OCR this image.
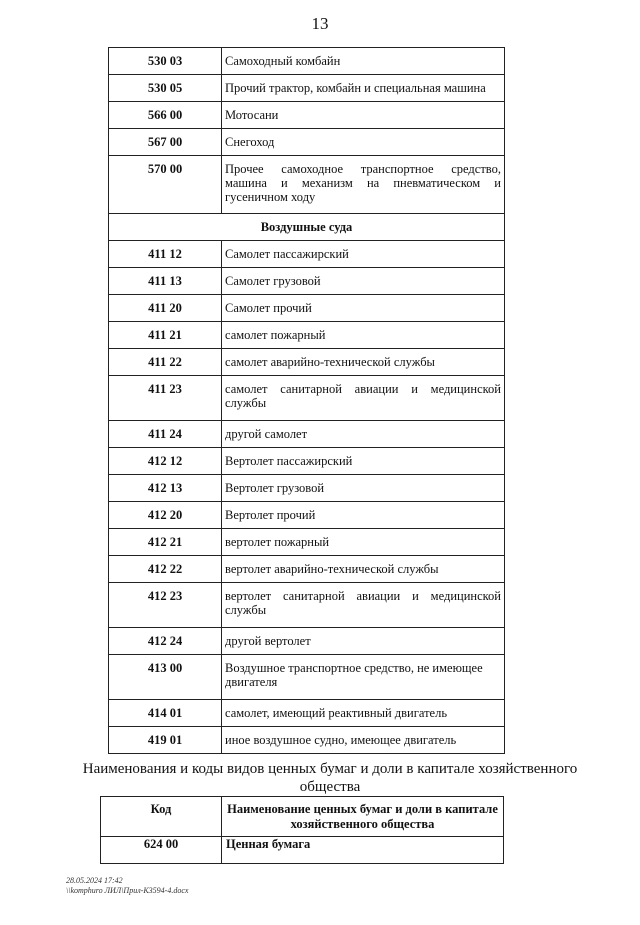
13
530 03	Самоходный комбайн

530 05	Прочий трактор, комбайн и специальная машина

566 00	Мотосани

567 00	Снегоход

570 00	Прочее самоходное транспортное средство, машина и механизм на пневматическом и гусеничном ходу

Воздушные суда	

411 12	Самолет пассажирский

411 13	Самолет грузовой

411 20	Самолет прочий

411 21	самолет пожарный

411 22	самолет аварийно-технической службы

411 23	самолет санитарной авиации и медицинской службы

411 24	другой самолет

412 12	Вертолет пассажирский

412 13	Вертолет грузовой

412 20	Вертолет прочий

412 21	вертолет пожарный

412 22	вертолет аварийно-технической службы

412 23	вертолет санитарной авиации и медицинской службы

412 24	другой вертолет

413 00	Воздушное транспортное средство, не имеющее двигателя

414 01	самолет, имеющий реактивный двигатель

419 01	иное воздушное судно, имеющее двигатель
Наименования и коды видов ценных бумаг и доли в капитале хозяйственного общества
Код	Наименование ценных бумаг и доли в капитале хозяйственного общества
624 00	Ценная бумага
28.05.2024 17:42
\\komphuro ЛИЛ\Прил-К3594-4.docx
